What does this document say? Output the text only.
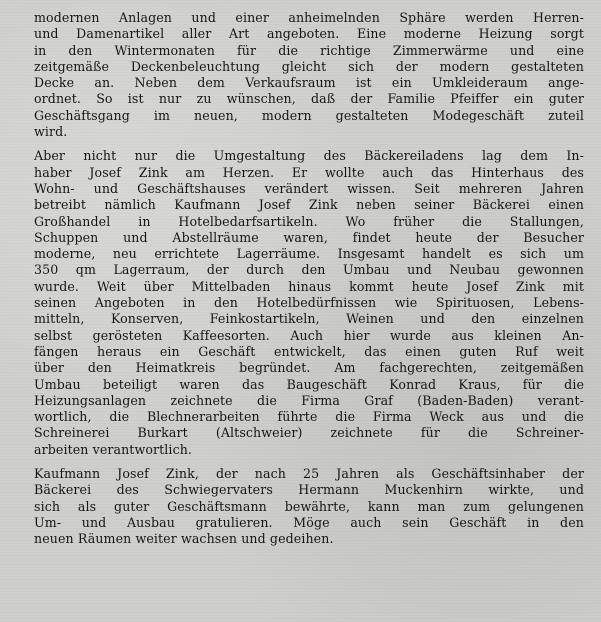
modernen Anlagen und einer anheimelnden Sphäre werden Herren-
und Damenartikel aller Art angeboten. Eine moderne Heizung sorgt
in den Wintermonaten für die richtige Zimmerwärme und eine
zeitgemäße Deckenbeleuchtung gleicht sich der modern gestalteten
Decke an. Neben dem Verkaufsraum ist ein Umkleideraum ange-
ordnet. So ist nur zu wünschen, daß der Familie Pfeiffer ein guter
Geschäftsgang im neuen, modern gestalteten Modegeschäft zuteil
wird.
Aber nicht nur die Umgestaltung des Bäckereiladens lag dem In-
haber Josef Zink am Herzen. Er wollte auch das Hinterhaus des
Wohn- und Geschäftshauses verändert wissen. Seit mehreren Jahren
betreibt nämlich Kaufmann Josef Zink neben seiner Bäckerei einen
Großhandel in Hotelbedarfsartikeln. Wo früher die Stallungen,
Schuppen und Abstellräume waren, findet heute der Besucher
moderne, neu errichtete Lagerräume. Insgesamt handelt es sich um
350 qm Lagerraum, der durch den Umbau und Neubau gewonnen
wurde. Weit über Mittelbaden hinaus kommt heute Josef Zink mit
seinen Angeboten in den Hotelbedürfnissen wie Spirituosen, Lebens-
mitteln, Konserven, Feinkostartikeln, Weinen und den einzelnen
selbst gerösteten Kaffeesorten. Auch hier wurde aus kleinen An-
fängen heraus ein Geschäft entwickelt, das einen guten Ruf weit
über den Heimatkreis begründet. Am fachgerechten, zeitgemäßen
Umbau beteiligt waren das Baugeschäft Konrad Kraus, für die
Heizungsanlagen zeichnete die Firma Graf (Baden-Baden) verant-
wortlich, die Blechnerarbeiten führte die Firma Weck aus und die
Schreinerei Burkart (Altschweier) zeichnete für die Schreiner-
arbeiten verantwortlich.
Kaufmann Josef Zink, der nach 25 Jahren als Geschäftsinhaber der
Bäckerei des Schwiegervaters Hermann Muckenhirn wirkte, und
sich als guter Geschäftsmann bewährte, kann man zum gelungenen
Um- und Ausbau gratulieren. Möge auch sein Geschäft in den
neuen Räumen weiter wachsen und gedeihen.
